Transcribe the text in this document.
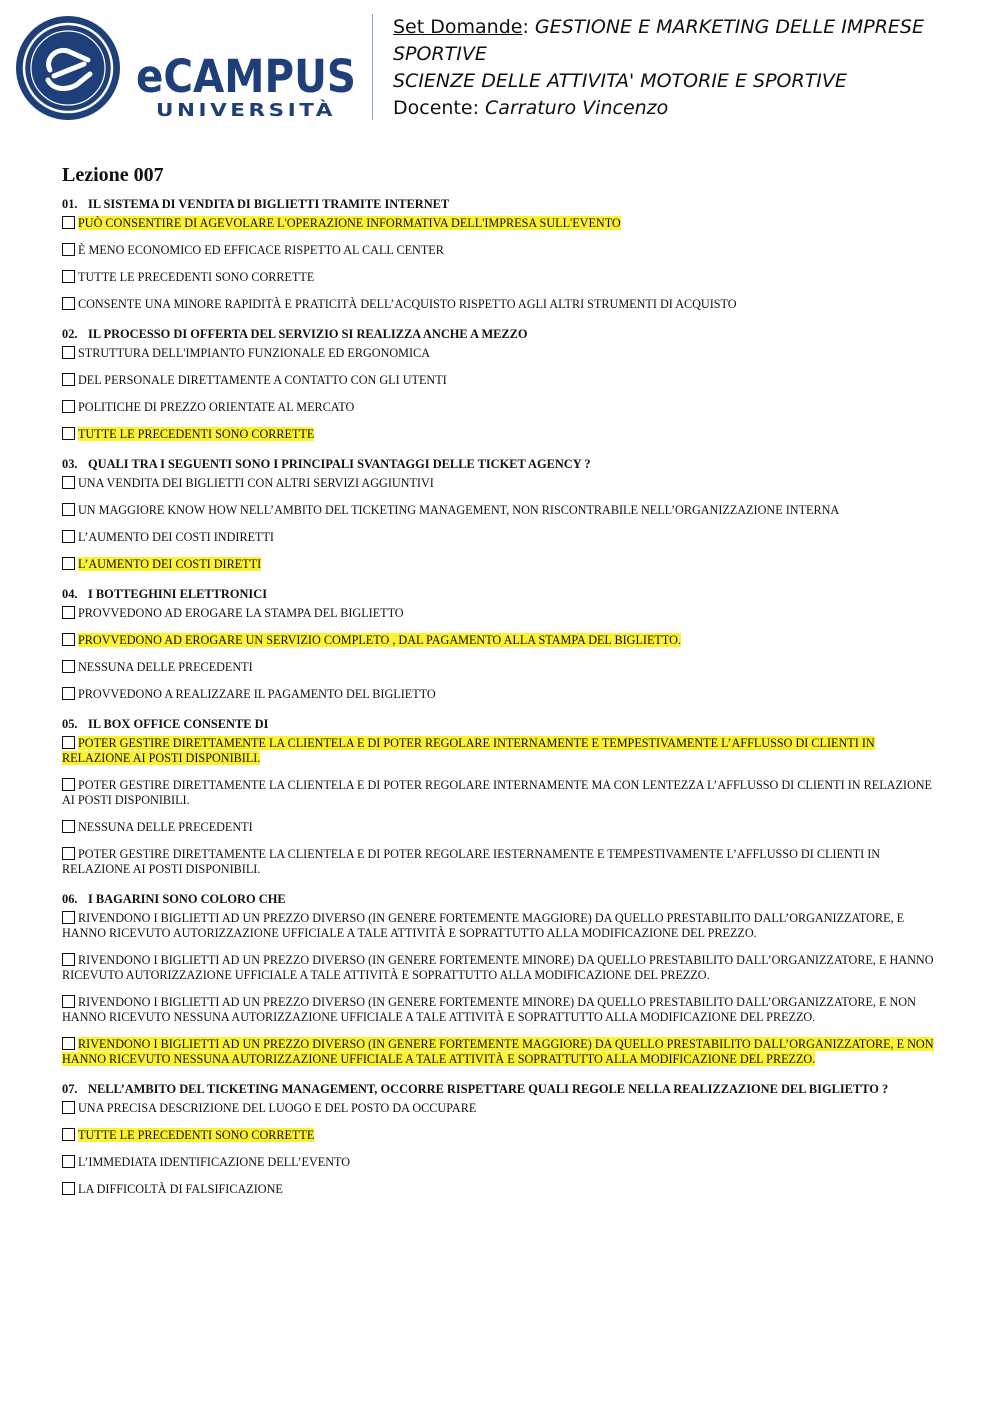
eCAMPUS
UNIVERSITÀ
Set Domande: GESTIONE E MARKETING DELLE IMPRESE SPORTIVE
SCIENZE DELLE ATTIVITA' MOTORIE E SPORTIVE
Docente: Carraturo Vincenzo
Lezione 007
01. IL SISTEMA DI VENDITA DI BIGLIETTI TRAMITE INTERNET
PUÒ CONSENTIRE DI AGEVOLARE L'OPERAZIONE INFORMATIVA DELL'IMPRESA SULL'EVENTO
È MENO ECONOMICO ED EFFICACE RISPETTO AL CALL CENTER
TUTTE LE PRECEDENTI SONO CORRETTE
CONSENTE UNA MINORE RAPIDITÀ E PRATICITÀ DELL’ACQUISTO RISPETTO AGLI ALTRI STRUMENTI DI ACQUISTO
02. IL PROCESSO DI OFFERTA DEL SERVIZIO SI REALIZZA ANCHE A MEZZO
STRUTTURA DELL'IMPIANTO FUNZIONALE ED ERGONOMICA
DEL PERSONALE DIRETTAMENTE A CONTATTO CON GLI UTENTI
POLITICHE DI PREZZO ORIENTATE AL MERCATO
TUTTE LE PRECEDENTI SONO CORRETTE
03. QUALI TRA I SEGUENTI SONO I PRINCIPALI SVANTAGGI DELLE TICKET AGENCY ?
UNA VENDITA DEI BIGLIETTI CON ALTRI SERVIZI AGGIUNTIVI
UN MAGGIORE KNOW HOW NELL’AMBITO DEL TICKETING MANAGEMENT, NON RISCONTRABILE NELL’ORGANIZZAZIONE INTERNA
L’AUMENTO DEI COSTI INDIRETTI
L’AUMENTO DEI COSTI DIRETTI
04. I BOTTEGHINI ELETTRONICI
PROVVEDONO AD EROGARE LA STAMPA DEL BIGLIETTO
PROVVEDONO AD EROGARE UN SERVIZIO COMPLETO , DAL PAGAMENTO ALLA STAMPA DEL BIGLIETTO.
NESSUNA DELLE PRECEDENTI
PROVVEDONO A REALIZZARE IL PAGAMENTO DEL BIGLIETTO
05. IL BOX OFFICE CONSENTE DI
POTER GESTIRE DIRETTAMENTE LA CLIENTELA E DI POTER REGOLARE INTERNAMENTE E TEMPESTIVAMENTE L’AFFLUSSO DI CLIENTI IN RELAZIONE AI POSTI DISPONIBILI.
POTER GESTIRE DIRETTAMENTE LA CLIENTELA E DI POTER REGOLARE INTERNAMENTE MA CON LENTEZZA L’AFFLUSSO DI CLIENTI IN RELAZIONE AI POSTI DISPONIBILI.
NESSUNA DELLE PRECEDENTI
POTER GESTIRE DIRETTAMENTE LA CLIENTELA E DI POTER REGOLARE IESTERNAMENTE E TEMPESTIVAMENTE L’AFFLUSSO DI CLIENTI IN RELAZIONE AI POSTI DISPONIBILI.
06. I BAGARINI SONO COLORO CHE
RIVENDONO I BIGLIETTI AD UN PREZZO DIVERSO (IN GENERE FORTEMENTE MAGGIORE) DA QUELLO PRESTABILITO DALL’ORGANIZZATORE, E HANNO RICEVUTO AUTORIZZAZIONE UFFICIALE A TALE ATTIVITÀ E SOPRATTUTTO ALLA MODIFICAZIONE DEL PREZZO.
RIVENDONO I BIGLIETTI AD UN PREZZO DIVERSO (IN GENERE FORTEMENTE MINORE) DA QUELLO PRESTABILITO DALL’ORGANIZZATORE, E HANNO RICEVUTO AUTORIZZAZIONE UFFICIALE A TALE ATTIVITÀ E SOPRATTUTTO ALLA MODIFICAZIONE DEL PREZZO.
RIVENDONO I BIGLIETTI AD UN PREZZO DIVERSO (IN GENERE FORTEMENTE MINORE) DA QUELLO PRESTABILITO DALL’ORGANIZZATORE, E NON HANNO RICEVUTO NESSUNA AUTORIZZAZIONE UFFICIALE A TALE ATTIVITÀ E SOPRATTUTTO ALLA MODIFICAZIONE DEL PREZZO.
RIVENDONO I BIGLIETTI AD UN PREZZO DIVERSO (IN GENERE FORTEMENTE MAGGIORE) DA QUELLO PRESTABILITO DALL’ORGANIZZATORE, E NON HANNO RICEVUTO NESSUNA AUTORIZZAZIONE UFFICIALE A TALE ATTIVITÀ E SOPRATTUTTO ALLA MODIFICAZIONE DEL PREZZO.
07. NELL’AMBITO DEL TICKETING MANAGEMENT, OCCORRE RISPETTARE QUALI REGOLE NELLA REALIZZAZIONE DEL BIGLIETTO ?
UNA PRECISA DESCRIZIONE DEL LUOGO E DEL POSTO DA OCCUPARE
TUTTE LE PRECEDENTI SONO CORRETTE
L’IMMEDIATA IDENTIFICAZIONE DELL’EVENTO
LA DIFFICOLTÀ DI FALSIFICAZIONE
